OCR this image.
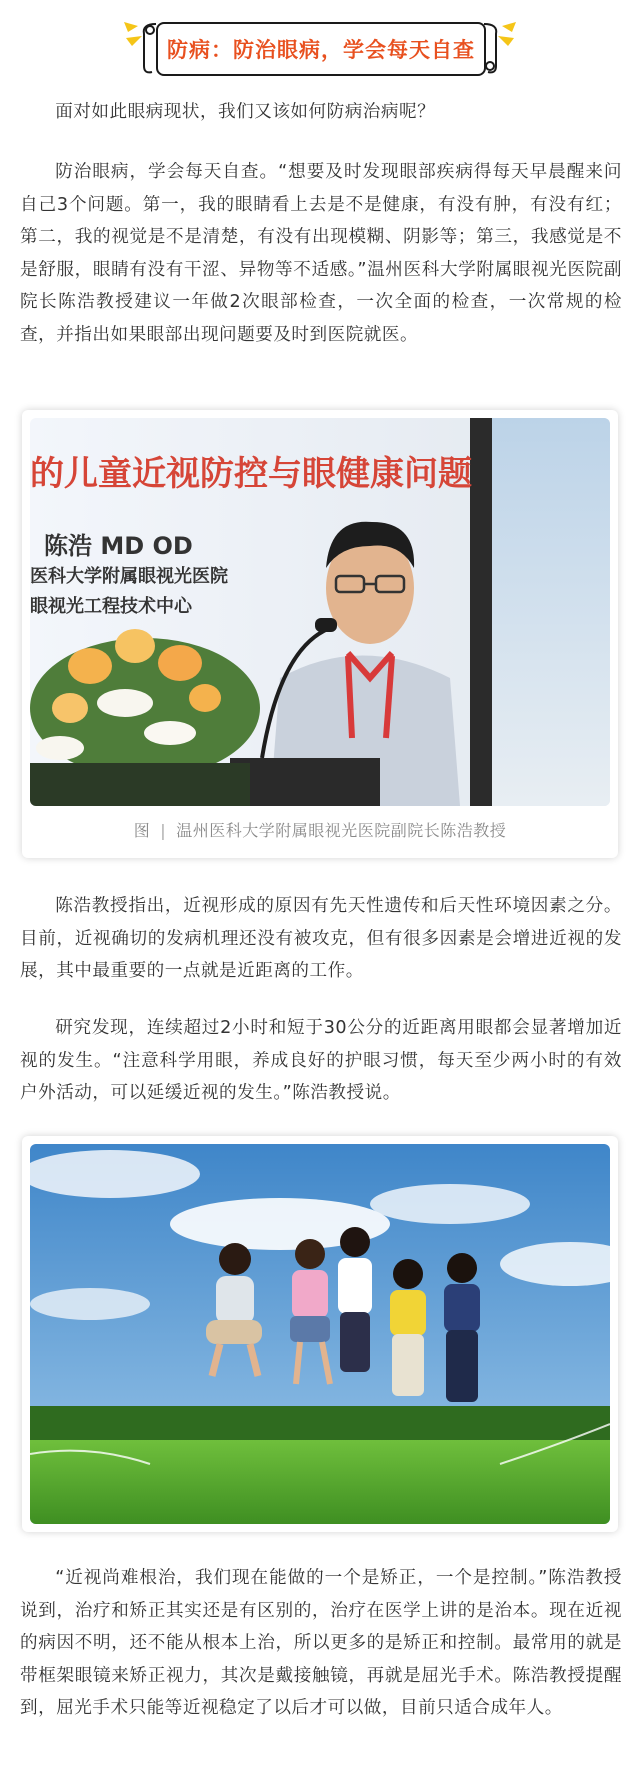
防病：防治眼病，学会每天自查

面对如此眼病现状，我们又该如何防病治病呢？

防治眼病，学会每天自查。“想要及时发现眼部疾病得每天早晨醒来问自己3个问题。第一，我的眼睛看上去是不是健康，有没有肿，有没有红；第二，我的视觉是不是清楚，有没有出现模糊、阴影等；第三，我感觉是不是舒服，眼睛有没有干涩、异物等不适感。”温州医科大学附属眼视光医院副院长陈浩教授建议一年做2次眼部检查，一次全面的检查，一次常规的检查，并指出如果眼部出现问题要及时到医院就医。

的儿童近视防控与眼健康问题
陈浩 MD OD
医科大学附属眼视光医院
眼视光工程技术中心
图 | 温州医科大学附属眼视光医院副院长陈浩教授

陈浩教授指出，近视形成的原因有先天性遗传和后天性环境因素之分。目前，近视确切的发病机理还没有被攻克，但有很多因素是会增进近视的发展，其中最重要的一点就是近距离的工作。

研究发现，连续超过2小时和短于30公分的近距离用眼都会显著增加近视的发生。“注意科学用眼，养成良好的护眼习惯，每天至少两小时的有效户外活动，可以延缓近视的发生。”陈浩教授说。

“近视尚难根治，我们现在能做的一个是矫正，一个是控制。”陈浩教授说到，治疗和矫正其实还是有区别的，治疗在医学上讲的是治本。现在近视的病因不明，还不能从根本上治，所以更多的是矫正和控制。最常用的就是带框架眼镜来矫正视力，其次是戴接触镜，再就是屈光手术。陈浩教授提醒到，屈光手术只能等近视稳定了以后才可以做，目前只适合成年人。
